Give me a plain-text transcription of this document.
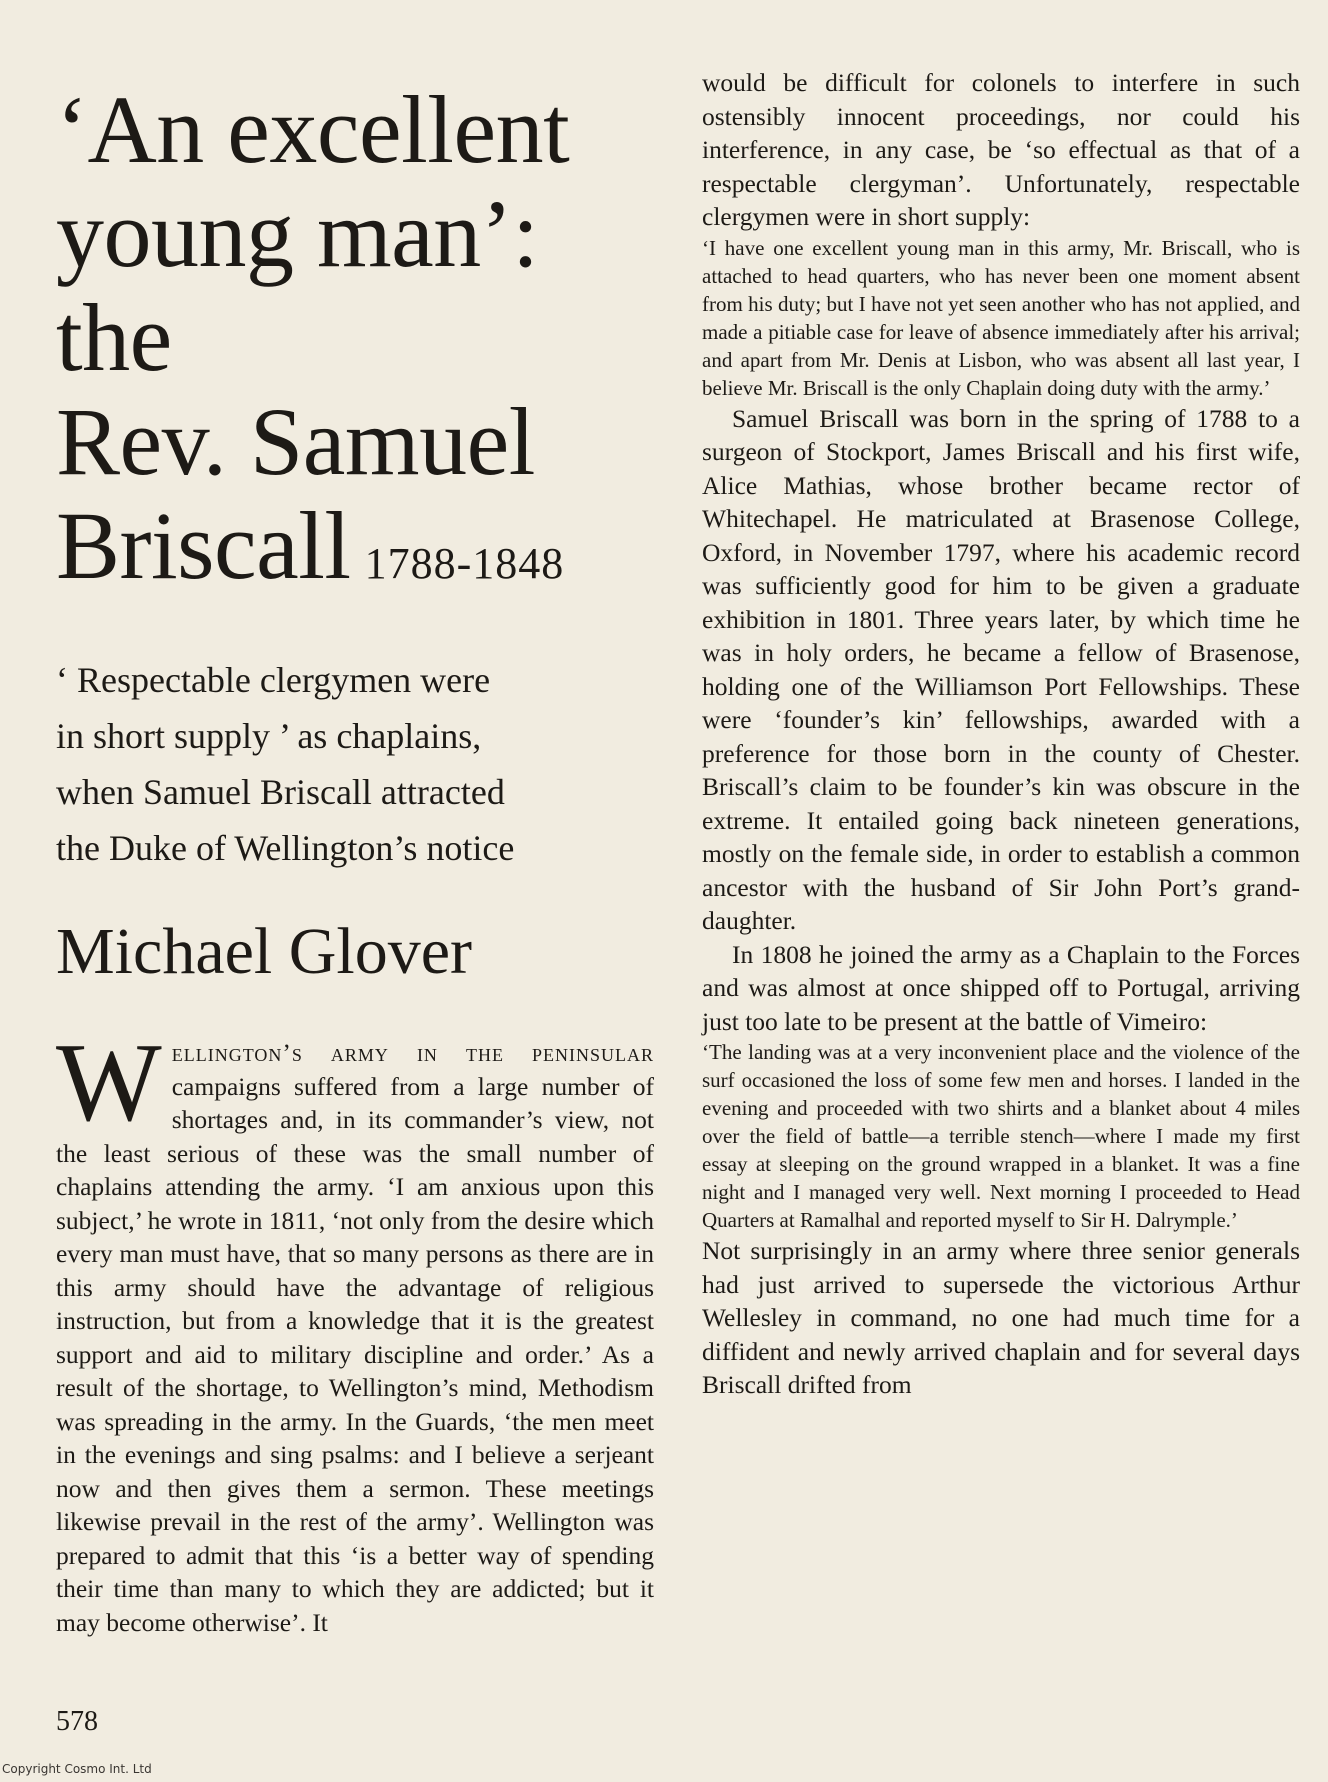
‘An excellent
young man’:
the
Rev. Samuel
Briscall 1788-1848
‘ Respectable clergymen were
in short supply ’ as chaplains,
when Samuel Briscall attracted
the Duke of Wellington’s notice
Michael Glover

Wellington’s army in the peninsular campaigns suffered from a large number of shortages and, in its commander’s view, not the least serious of these was the small number of chaplains attending the army. ‘I am anxious upon this subject,’ he wrote in 1811, ‘not only from the desire which every man must have, that so many persons as there are in this army should have the advantage of religious instruction, but from a knowledge that it is the greatest support and aid to military discipline and order.’ As a result of the shortage, to Wellington’s mind, Methodism was spreading in the army. In the Guards, ‘the men meet in the evenings and sing psalms: and I believe a serjeant now and then gives them a sermon. These meetings likewise prevail in the rest of the army’. Wellington was prepared to admit that this ‘is a better way of spending their time than many to which they are addicted; but it may become otherwise’. It

578
Copyright Cosmo Int. Ltd

would be difficult for colonels to interfere in such ostensibly innocent proceedings, nor could his interference, in any case, be ‘so effectual as that of a respectable clergyman’. Unfortunately, respectable clergymen were in short supply:

‘I have one excellent young man in this army, Mr. Briscall, who is attached to head quarters, who has never been one moment absent from his duty; but I have not yet seen another who has not applied, and made a pitiable case for leave of absence immediately after his arrival; and apart from Mr. Denis at Lisbon, who was absent all last year, I believe Mr. Briscall is the only Chaplain doing duty with the army.’

Samuel Briscall was born in the spring of 1788 to a surgeon of Stockport, James Briscall and his first wife, Alice Mathias, whose brother became rector of Whitechapel. He matriculated at Brasenose College, Oxford, in November 1797, where his academic record was sufficiently good for him to be given a graduate exhibition in 1801. Three years later, by which time he was in holy orders, he became a fellow of Brasenose, holding one of the Williamson Port Fellowships. These were ‘founder’s kin’ fellowships, awarded with a preference for those born in the county of Chester. Briscall’s claim to be founder’s kin was obscure in the extreme. It entailed going back nineteen generations, mostly on the female side, in order to establish a common ancestor with the husband of Sir John Port’s grand-daughter.

In 1808 he joined the army as a Chaplain to the Forces and was almost at once shipped off to Portugal, arriving just too late to be present at the battle of Vimeiro:

‘The landing was at a very inconvenient place and the violence of the surf occasioned the loss of some few men and horses. I landed in the evening and proceeded with two shirts and a blanket about 4 miles over the field of battle—a terrible stench—where I made my first essay at sleeping on the ground wrapped in a blanket. It was a fine night and I managed very well. Next morning I proceeded to Head Quarters at Ramalhal and reported myself to Sir H. Dalrymple.’

Not surprisingly in an army where three senior generals had just arrived to supersede the victorious Arthur Wellesley in command, no one had much time for a diffident and newly arrived chaplain and for several days Briscall drifted from
